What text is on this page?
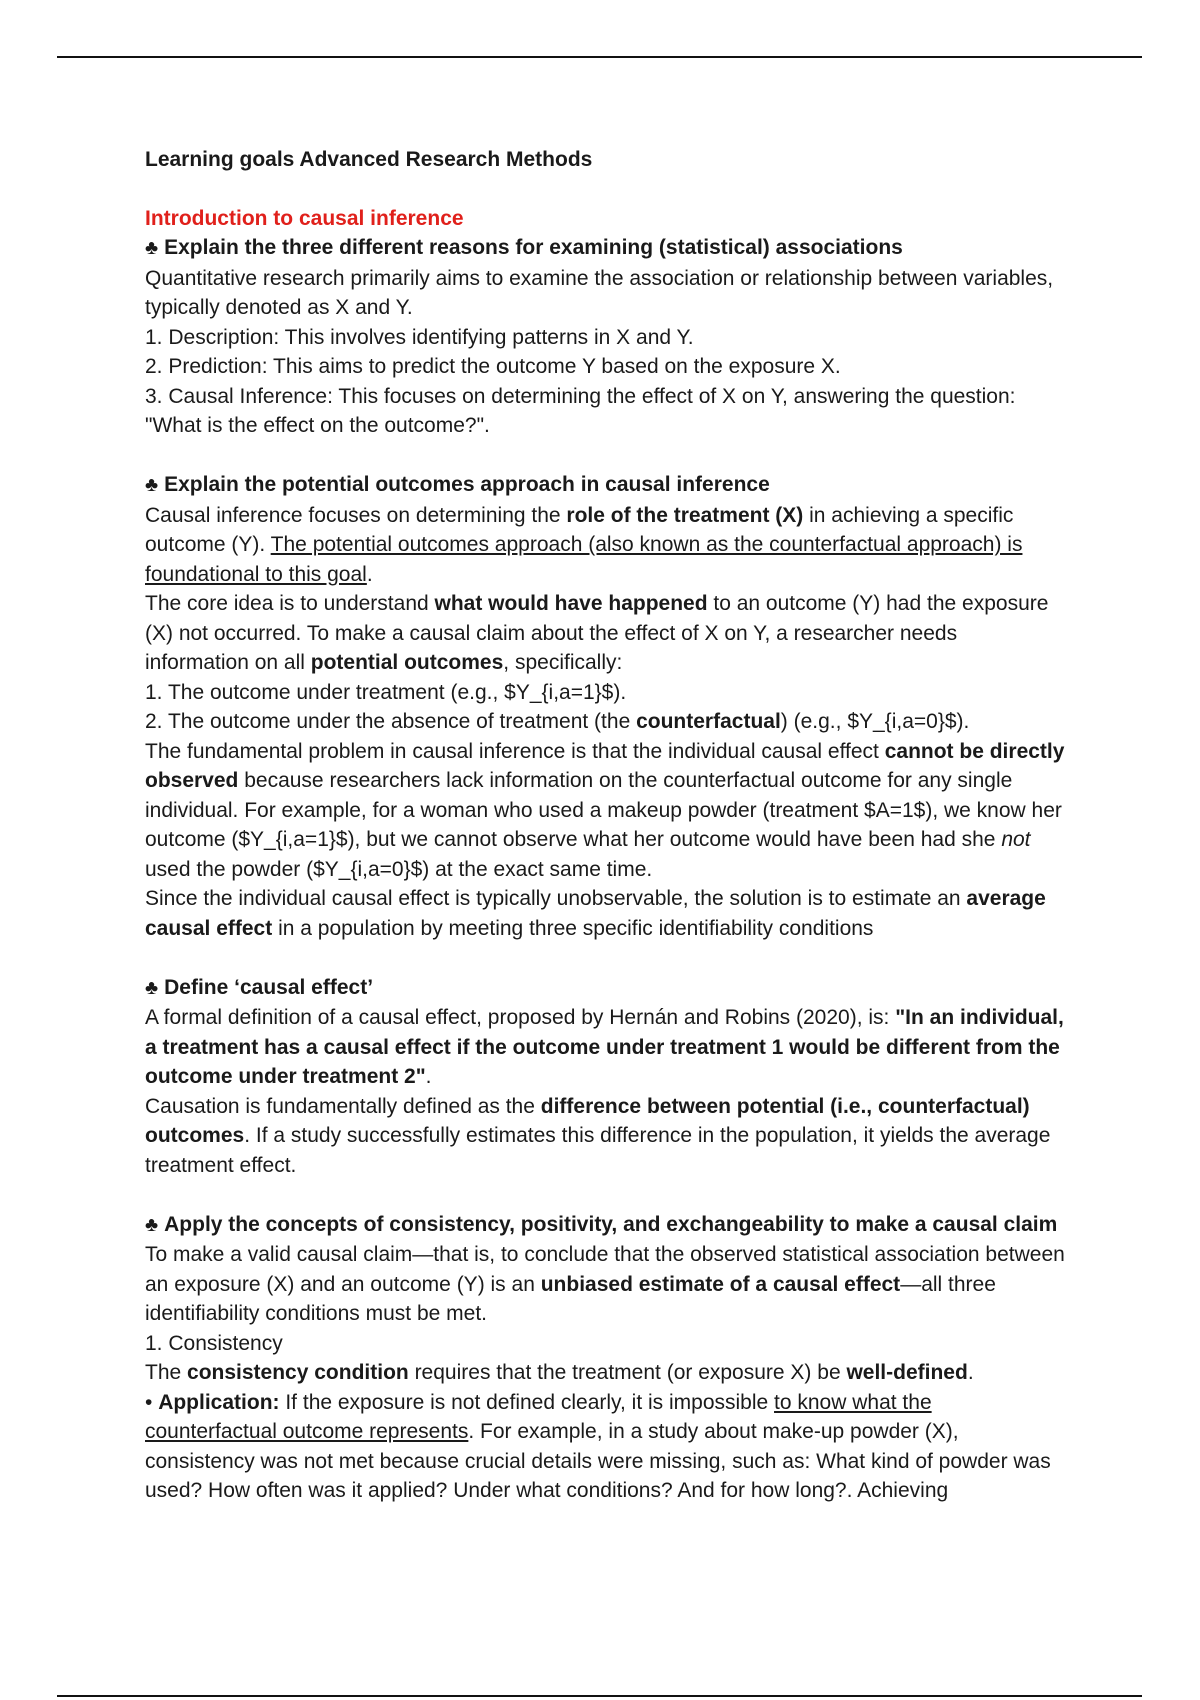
Learning goals Advanced Research Methods

Introduction to causal inference

♣ Explain the three different reasons for examining (statistical) associations

Quantitative research primarily aims to examine the association or relationship between variables, typically denoted as X and Y.

1. Description: This involves identifying patterns in X and Y.

2. Prediction: This aims to predict the outcome Y based on the exposure X.

3. Causal Inference: This focuses on determining the effect of X on Y, answering the question: "What is the effect on the outcome?".

♣ Explain the potential outcomes approach in causal inference

Causal inference focuses on determining the role of the treatment (X) in achieving a specific outcome (Y). The potential outcomes approach (also known as the counterfactual approach) is foundational to this goal.

The core idea is to understand what would have happened to an outcome (Y) had the exposure (X) not occurred. To make a causal claim about the effect of X on Y, a researcher needs information on all potential outcomes, specifically:

1. The outcome under treatment (e.g., $Y_{i,a=1}$).

2. The outcome under the absence of treatment (the counterfactual) (e.g., $Y_{i,a=0}$).

The fundamental problem in causal inference is that the individual causal effect cannot be directly observed because researchers lack information on the counterfactual outcome for any single individual. For example, for a woman who used a makeup powder (treatment $A=1$), we know her outcome ($Y_{i,a=1}$), but we cannot observe what her outcome would have been had she not used the powder ($Y_{i,a=0}$) at the exact same time.

Since the individual causal effect is typically unobservable, the solution is to estimate an average causal effect in a population by meeting three specific identifiability conditions

♣ Define ‘causal effect’

A formal definition of a causal effect, proposed by Hernán and Robins (2020), is: "In an individual, a treatment has a causal effect if the outcome under treatment 1 would be different from the outcome under treatment 2".

Causation is fundamentally defined as the difference between potential (i.e., counterfactual) outcomes. If a study successfully estimates this difference in the population, it yields the average treatment effect.

♣ Apply the concepts of consistency, positivity, and exchangeability to make a causal claim

To make a valid causal claim—that is, to conclude that the observed statistical association between an exposure (X) and an outcome (Y) is an unbiased estimate of a causal effect—all three identifiability conditions must be met.

1. Consistency

The consistency condition requires that the treatment (or exposure X) be well-defined.

• Application: If the exposure is not defined clearly, it is impossible to know what the counterfactual outcome represents. For example, in a study about make-up powder (X), consistency was not met because crucial details were missing, such as: What kind of powder was used? How often was it applied? Under what conditions? And for how long?. Achieving
